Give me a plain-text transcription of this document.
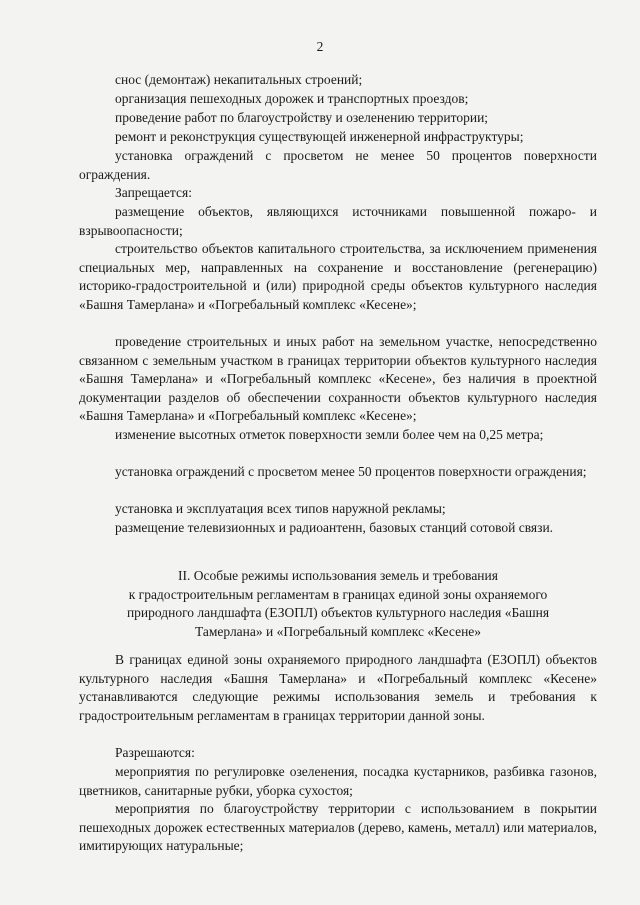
2
снос (демонтаж) некапитальных строений;
организация пешеходных дорожек и транспортных проездов;
проведение работ по благоустройству и озеленению территории;
ремонт и реконструкция существующей инженерной инфраструктуры;
установка ограждений с просветом не менее 50 процентов поверхности ограждения.
Запрещается:
размещение объектов, являющихся источниками повышенной пожаро- и взрывоопасности;
строительство объектов капитального строительства, за исключением применения специальных мер, направленных на сохранение и восстановление (регенерацию) историко-градостроительной и (или) природной среды объектов культурного наследия «Башня Тамерлана» и «Погребальный комплекс «Кесене»;
проведение строительных и иных работ на земельном участке, непосредственно связанном с земельным участком в границах территории объектов культурного наследия «Башня Тамерлана» и «Погребальный комплекс «Кесене», без наличия в проектной документации разделов об обеспечении сохранности объектов культурного наследия «Башня Тамерлана» и «Погребальный комплекс «Кесене»;
изменение высотных отметок поверхности земли более чем на 0,25 метра;
установка ограждений с просветом менее 50 процентов поверхности ограждения;
установка и эксплуатация всех типов наружной рекламы;
размещение телевизионных и радиоантенн, базовых станций сотовой связи.
II. Особые режимы использования земель и требования
к градостроительным регламентам в границах единой зоны охраняемого
природного ландшафта (ЕЗОПЛ) объектов культурного наследия «Башня
Тамерлана» и «Погребальный комплекс «Кесене»
В границах единой зоны охраняемого природного ландшафта (ЕЗОПЛ) объектов культурного наследия «Башня Тамерлана» и «Погребальный комплекс «Кесене» устанавливаются следующие режимы использования земель и требования к градостроительным регламентам в границах территории данной зоны.
Разрешаются:
мероприятия по регулировке озеленения, посадка кустарников, разбивка газонов, цветников, санитарные рубки, уборка сухостоя;
мероприятия по благоустройству территории с использованием в покрытии пешеходных дорожек естественных материалов (дерево, камень, металл) или материалов, имитирующих натуральные;
